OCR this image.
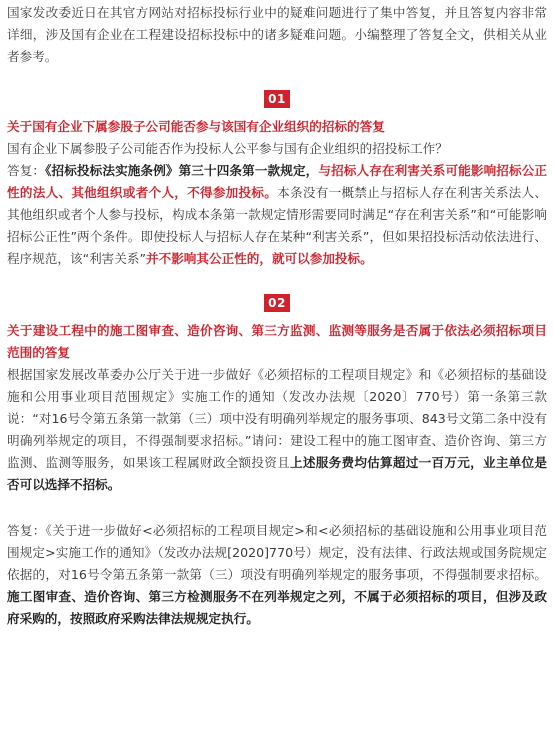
国家发改委近日在其官方网站对招标投标行业中的疑难问题进行了集中答复，并且答复内容非常详细，涉及国有企业在工程建设招标投标中的诸多疑难问题。小编整理了答复全文，供相关从业者参考。

01

关于国有企业下属参股子公司能否参与该国有企业组织的招标的答复

国有企业下属参股子公司能否作为投标人公平参与国有企业组织的招投标工作？

答复：《招标投标法实施条例》第三十四条第一款规定，与招标人存在利害关系可能影响招标公正性的法人、其他组织或者个人，不得参加投标。本条没有一概禁止与招标人存在利害关系法人、其他组织或者个人参与投标，构成本条第一款规定情形需要同时满足“存在利害关系”和“可能影响招标公正性”两个条件。即使投标人与招标人存在某种“利害关系”，但如果招投标活动依法进行、程序规范，该“利害关系”并不影响其公正性的，就可以参加投标。

02

关于建设工程中的施工图审查、造价咨询、第三方监测、监测等服务是否属于依法必须招标项目范围的答复

根据国家发展改革委办公厅关于进一步做好《必须招标的工程项目规定》和《必须招标的基础设施和公用事业项目范围规定》实施工作的通知（发改办法规〔2020〕770号）第一条第三款说：“对16号令第五条第一款第（三）项中没有明确列举规定的服务事项、843号文第二条中没有明确列举规定的项目，不得强制要求招标。”请问：建设工程中的施工图审查、造价咨询、第三方监测、监测等服务，如果该工程属财政全额投资且上述服务费均估算超过一百万元，业主单位是否可以选择不招标。

答复：《关于进一步做好<必须招标的工程项目规定>和<必须招标的基础设施和公用事业项目范围规定>实施工作的通知》（发改办法规[2020]770号）规定，没有法律、行政法规或国务院规定依据的，对16号令第五条第一款第（三）项没有明确列举规定的服务事项，不得强制要求招标。施工图审查、造价咨询、第三方检测服务不在列举规定之列，不属于必须招标的项目，但涉及政府采购的，按照政府采购法律法规规定执行。
